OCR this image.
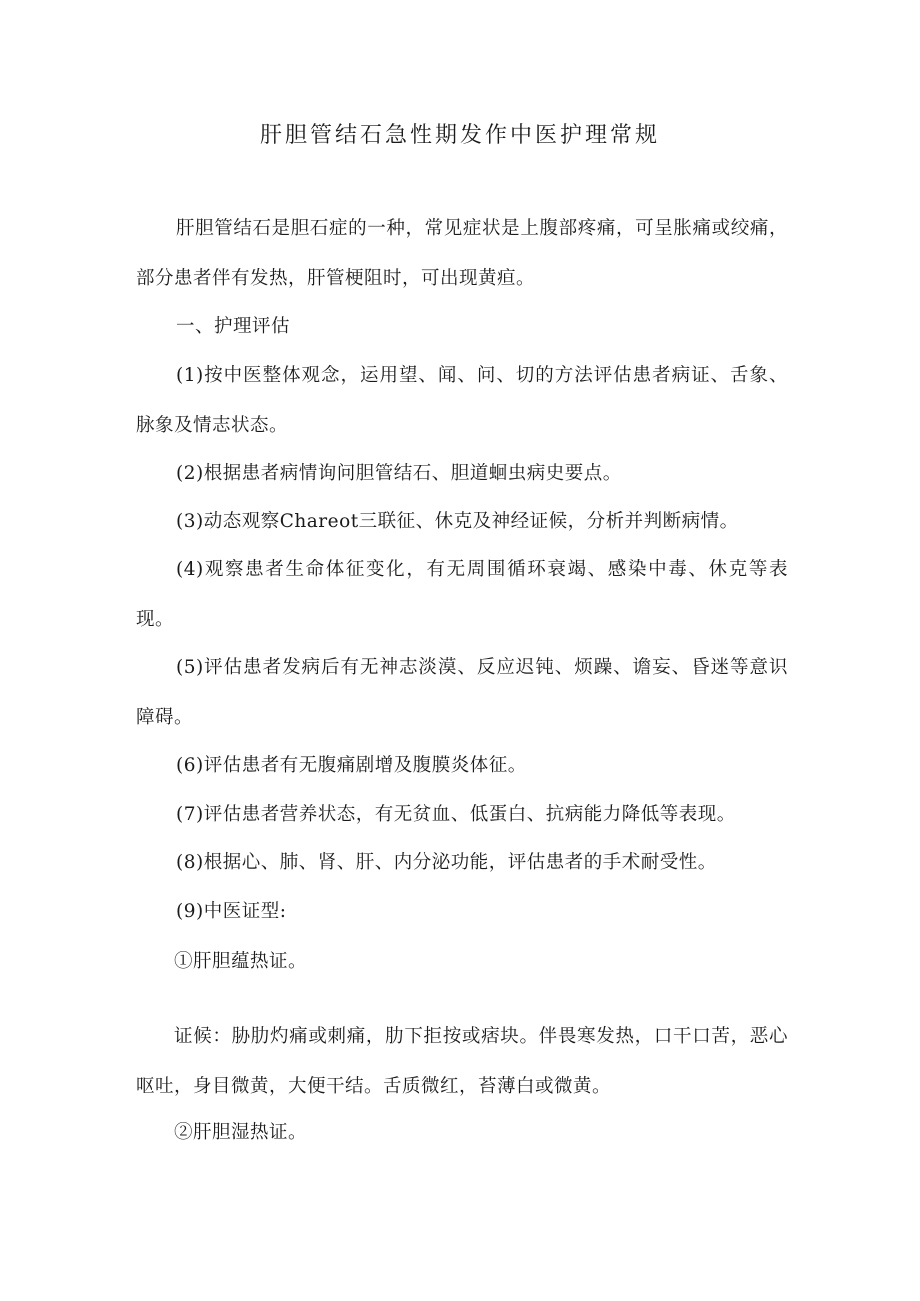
肝胆管结石急性期发作中医护理常规

肝胆管结石是胆石症的一种，常见症状是上腹部疼痛，可呈胀痛或绞痛，部分患者伴有发热，肝管梗阻时，可出现黄疸。

一、护理评估

(1)按中医整体观念，运用望、闻、问、切的方法评估患者病证、舌象、脉象及情志状态。

(2)根据患者病情询问胆管结石、胆道蛔虫病史要点。

(3)动态观察Chareot三联征、休克及神经证候，分析并判断病情。

(4)观察患者生命体征变化，有无周围循环衰竭、感染中毒、休克等表现。

(5)评估患者发病后有无神志淡漠、反应迟钝、烦躁、谵妄、昏迷等意识障碍。

(6)评估患者有无腹痛剧增及腹膜炎体征。

(7)评估患者营养状态，有无贫血、低蛋白、抗病能力降低等表现。

(8)根据心、肺、肾、肝、内分泌功能，评估患者的手术耐受性。

(9)中医证型:

①肝胆蕴热证。

证候：胁肋灼痛或刺痛，肋下拒按或痞块。伴畏寒发热，口干口苦，恶心呕吐，身目微黄，大便干结。舌质微红，苔薄白或微黄。

②肝胆湿热证。
